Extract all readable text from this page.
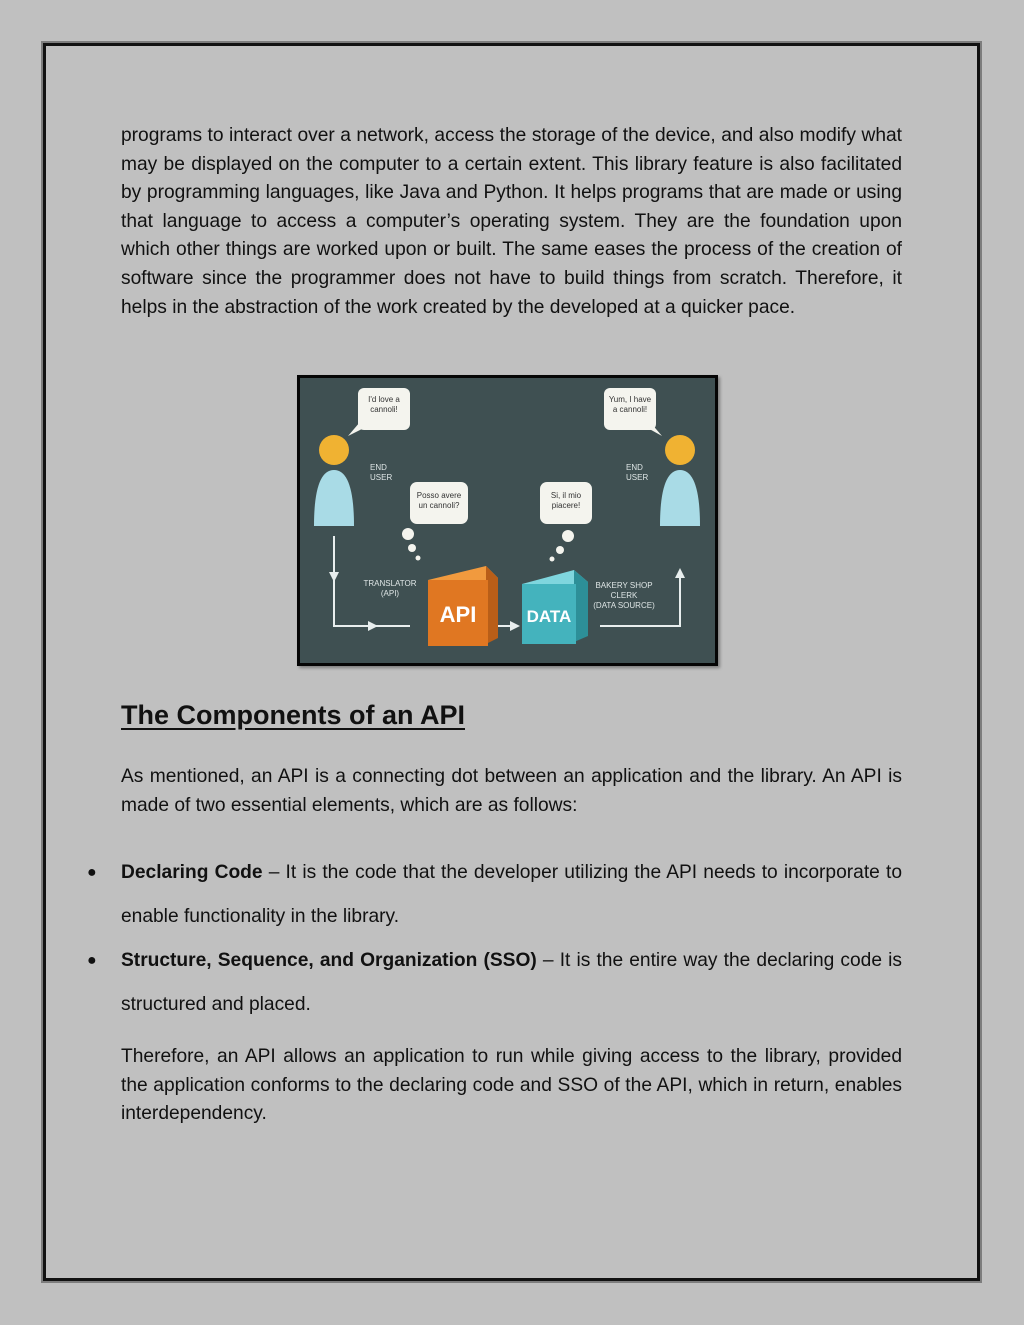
programs to interact over a network, access the storage of the device, and also modify what may be displayed on the computer to a certain extent. This library feature is also facilitated by programming languages, like Java and Python. It helps programs that are made or using that language to access a computer’s operating system. They are the foundation upon which other things are worked upon or built. The same eases the process of the creation of software since the programmer does not have to build things from scratch. Therefore, it helps in the abstraction of the work created by the developed at a quicker pace.

I'd love a cannoli!
Yum, I have a cannoli!
END USER
END USER
Posso avere un cannoli?
Si, il mio piacere!
API	DATA
TRANSLATOR (API)
BAKERY SHOP CLERK (DATA SOURCE)
The Components of an API

As mentioned, an API is a connecting dot between an application and the library. An API is made of two essential elements, which are as follows:

● Declaring Code – It is the code that the developer utilizing the API needs to incorporate to enable functionality in the library.
● Structure, Sequence, and Organization (SSO) – It is the entire way the declaring code is structured and placed.

Therefore, an API allows an application to run while giving access to the library, provided the application conforms to the declaring code and SSO of the API, which in return, enables interdependency.
